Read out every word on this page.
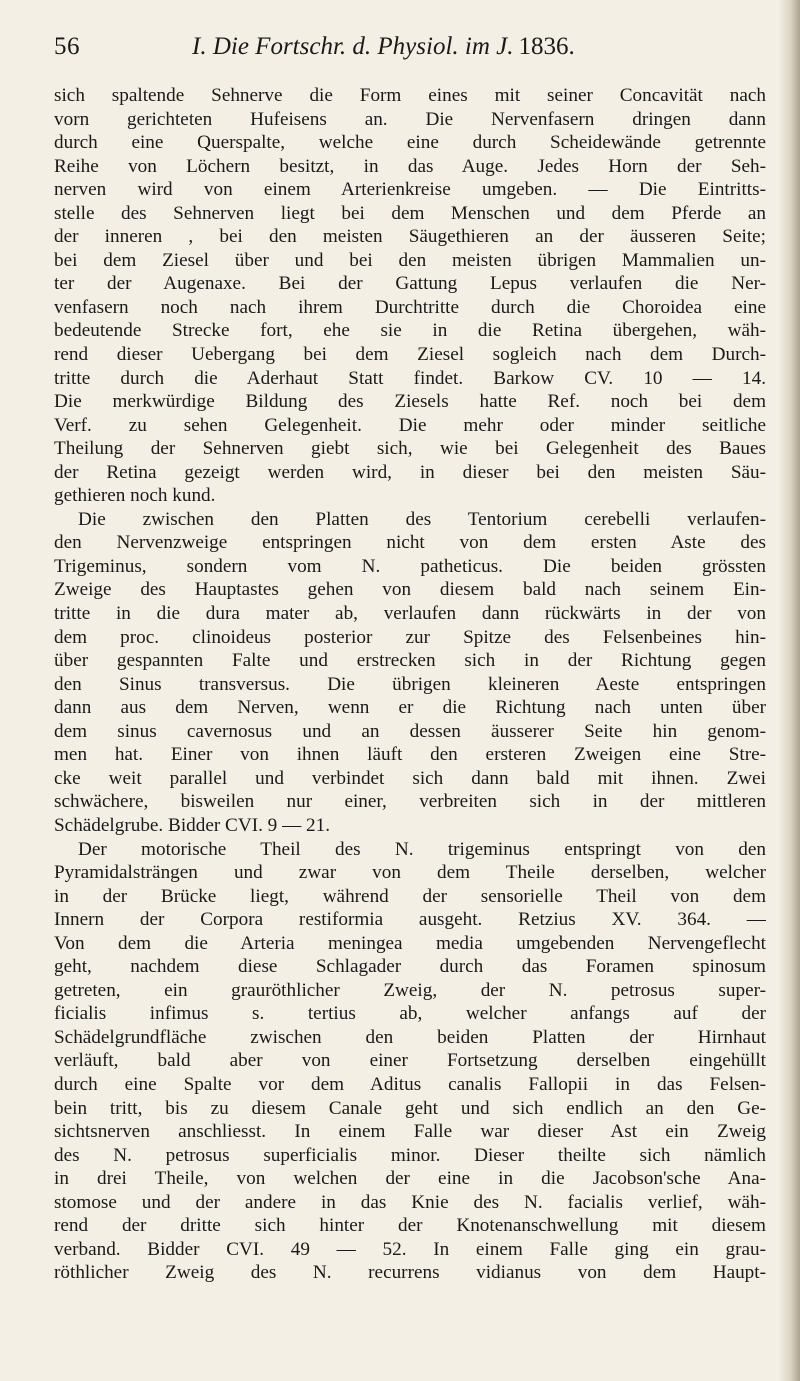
56	I. Die Fortschr. d. Physiol. im J. 1836.
sich spaltende Sehnerve die Form eines mit seiner Concavität nach
vorn gerichteten Hufeisens an. Die Nervenfasern dringen dann
durch eine Querspalte, welche eine durch Scheidewände getrennte
Reihe von Löchern besitzt, in das Auge. Jedes Horn der Seh-
nerven wird von einem Arterienkreise umgeben. — Die Eintritts-
stelle des Sehnerven liegt bei dem Menschen und dem Pferde an
der inneren , bei den meisten Säugethieren an der äusseren Seite;
bei dem Ziesel über und bei den meisten übrigen Mammalien un-
ter der Augenaxe. Bei der Gattung Lepus verlaufen die Ner-
venfasern noch nach ihrem Durchtritte durch die Choroidea eine
bedeutende Strecke fort, ehe sie in die Retina übergehen, wäh-
rend dieser Uebergang bei dem Ziesel sogleich nach dem Durch-
tritte durch die Aderhaut Statt findet. Barkow CV. 10 — 14.
Die merkwürdige Bildung des Ziesels hatte Ref. noch bei dem
Verf. zu sehen Gelegenheit. Die mehr oder minder seitliche
Theilung der Sehnerven giebt sich, wie bei Gelegenheit des Baues
der Retina gezeigt werden wird, in dieser bei den meisten Säu-
gethieren noch kund.
Die zwischen den Platten des Tentorium cerebelli verlaufen-
den Nervenzweige entspringen nicht von dem ersten Aste des
Trigeminus, sondern vom N. patheticus. Die beiden grössten
Zweige des Hauptastes gehen von diesem bald nach seinem Ein-
tritte in die dura mater ab, verlaufen dann rückwärts in der von
dem proc. clinoideus posterior zur Spitze des Felsenbeines hin-
über gespannten Falte und erstrecken sich in der Richtung gegen
den Sinus transversus. Die übrigen kleineren Aeste entspringen
dann aus dem Nerven, wenn er die Richtung nach unten über
dem sinus cavernosus und an dessen äusserer Seite hin genom-
men hat. Einer von ihnen läuft den ersteren Zweigen eine Stre-
cke weit parallel und verbindet sich dann bald mit ihnen. Zwei
schwächere, bisweilen nur einer, verbreiten sich in der mittleren
Schädelgrube. Bidder CVI. 9 — 21.
Der motorische Theil des N. trigeminus entspringt von den
Pyramidalsträngen und zwar von dem Theile derselben, welcher
in der Brücke liegt, während der sensorielle Theil von dem
Innern der Corpora restiformia ausgeht. Retzius XV. 364. —
Von dem die Arteria meningea media umgebenden Nervengeflecht
geht, nachdem diese Schlagader durch das Foramen spinosum
getreten, ein grauröthlicher Zweig, der N. petrosus super-
ficialis infimus s. tertius ab, welcher anfangs auf der
Schädelgrundfläche zwischen den beiden Platten der Hirnhaut
verläuft, bald aber von einer Fortsetzung derselben eingehüllt
durch eine Spalte vor dem Aditus canalis Fallopii in das Felsen-
bein tritt, bis zu diesem Canale geht und sich endlich an den Ge-
sichtsnerven anschliesst. In einem Falle war dieser Ast ein Zweig
des N. petrosus superficialis minor. Dieser theilte sich nämlich
in drei Theile, von welchen der eine in die Jacobson'sche Ana-
stomose und der andere in das Knie des N. facialis verlief, wäh-
rend der dritte sich hinter der Knotenanschwellung mit diesem
verband. Bidder CVI. 49 — 52. In einem Falle ging ein grau-
röthlicher Zweig des N. recurrens vidianus von dem Haupt-
